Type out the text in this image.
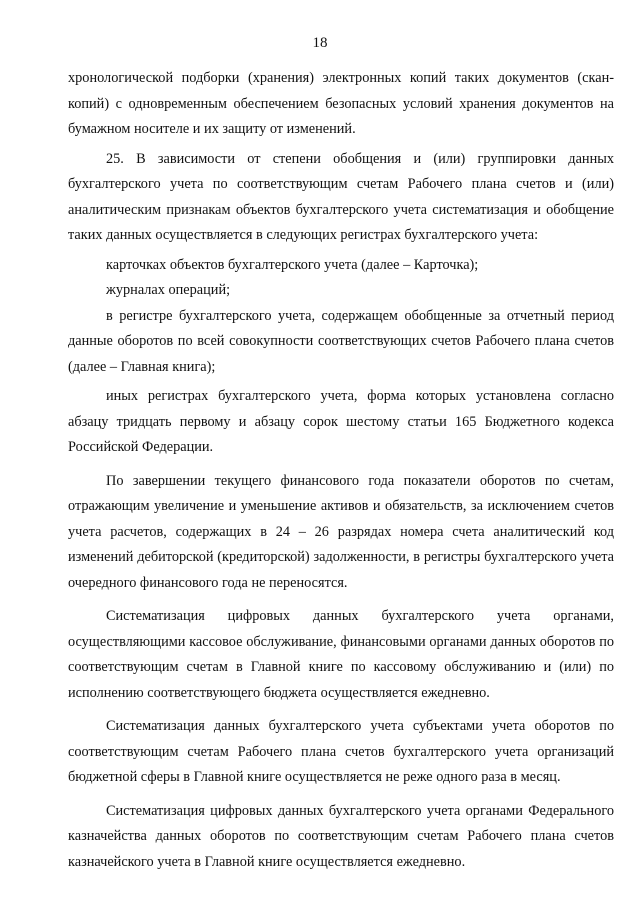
18

хронологической подборки (хранения) электронных копий таких документов (скан-копий) с одновременным обеспечением безопасных условий хранения документов на бумажном носителе и их защиту от изменений.

25. В зависимости от степени обобщения и (или) группировки данных бухгалтерского учета по соответствующим счетам Рабочего плана счетов и (или) аналитическим признакам объектов бухгалтерского учета систематизация и обобщение таких данных осуществляется в следующих регистрах бухгалтерского учета:

карточках объектов бухгалтерского учета (далее – Карточка);

журналах операций;

в регистре бухгалтерского учета, содержащем обобщенные за отчетный период данные оборотов по всей совокупности соответствующих счетов Рабочего плана счетов (далее – Главная книга);

иных регистрах бухгалтерского учета, форма которых установлена согласно абзацу тридцать первому и абзацу сорок шестому статьи 165 Бюджетного кодекса Российской Федерации.

По завершении текущего финансового года показатели оборотов по счетам, отражающим увеличение и уменьшение активов и обязательств, за исключением счетов учета расчетов, содержащих в 24 – 26 разрядах номера счета аналитический код изменений дебиторской (кредиторской) задолженности, в регистры бухгалтерского учета очередного финансового года не переносятся.

Систематизация цифровых данных бухгалтерского учета органами, осуществляющими кассовое обслуживание, финансовыми органами данных оборотов по соответствующим счетам в Главной книге по кассовому обслуживанию и (или) по исполнению соответствующего бюджета осуществляется ежедневно.

Систематизация данных бухгалтерского учета субъектами учета оборотов по соответствующим счетам Рабочего плана счетов бухгалтерского учета организаций бюджетной сферы в Главной книге осуществляется не реже одного раза в месяц.

Систематизация цифровых данных бухгалтерского учета органами Федерального казначейства данных оборотов по соответствующим счетам Рабочего плана счетов казначейского учета в Главной книге осуществляется ежедневно.
